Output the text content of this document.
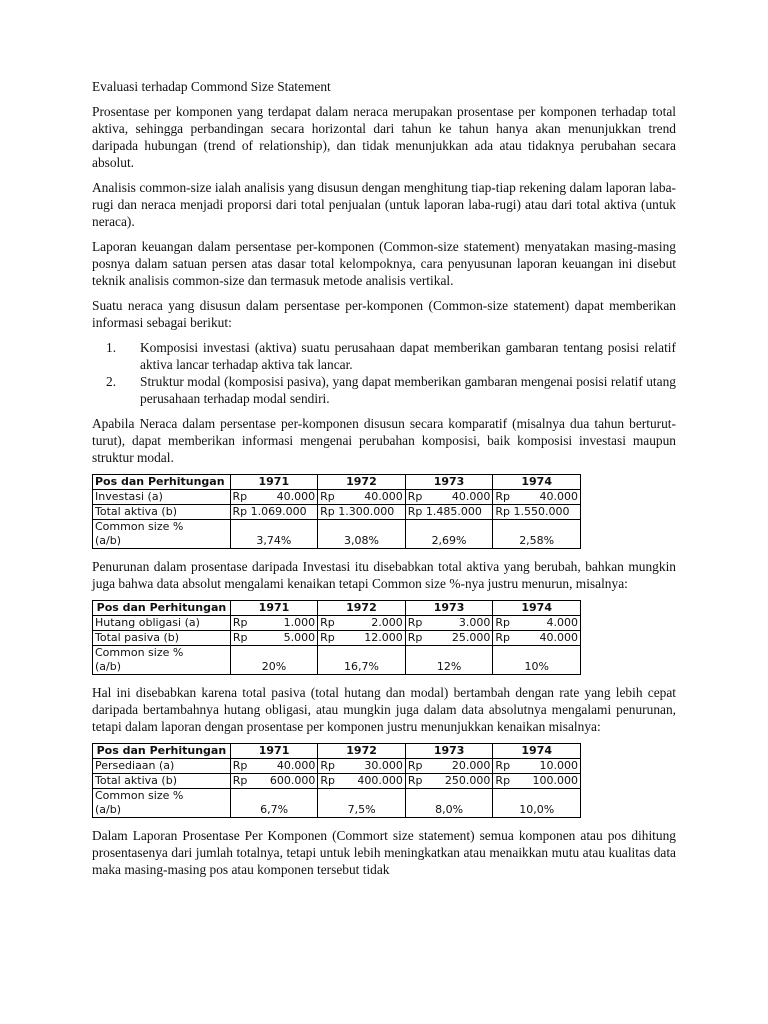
Evaluasi terhadap Commond Size Statement

Prosentase per komponen yang terdapat dalam neraca merupakan prosentase per komponen terhadap total aktiva, sehingga perbandingan secara horizontal dari tahun ke tahun hanya akan menunjukkan trend daripada hubungan (trend of relationship), dan tidak menunjukkan ada atau tidaknya perubahan secara absolut.

Analisis common-size ialah analisis yang disusun dengan menghitung tiap-tiap rekening dalam laporan laba-rugi dan neraca menjadi proporsi dari total penjualan (untuk laporan laba-rugi) atau dari total aktiva (untuk neraca).

Laporan keuangan dalam persentase per-komponen (Common-size statement) menyatakan masing-masing posnya dalam satuan persen atas dasar total kelompoknya, cara penyusunan laporan keuangan ini disebut teknik analisis common-size dan termasuk metode analisis vertikal.

Suatu neraca yang disusun dalam persentase per-komponen (Common-size statement) dapat memberikan informasi sebagai berikut:

1.	Komposisi investasi (aktiva) suatu perusahaan dapat memberikan gambaran tentang posisi relatif aktiva lancar terhadap aktiva tak lancar.
2.	Struktur modal (komposisi pasiva), yang dapat memberikan gambaran mengenai posisi relatif utang perusahaan terhadap modal sendiri.

Apabila Neraca dalam persentase per-komponen disusun secara komparatif (misalnya dua tahun berturut-turut), dapat memberikan informasi mengenai perubahan komposisi, baik komposisi investasi maupun struktur modal.

Pos dan Perhitungan	1971	1972	1973	1974
Investasi (a)	Rp 40.000	Rp 40.000	Rp 40.000	Rp 40.000

Total aktiva (b)	Rp 1.069.000	Rp 1.300.000	Rp 1.485.000	Rp 1.550.000
Common size %				
(a/b)	3,74%	3,08%	2,69%	2,58%

Penurunan dalam prosentase daripada Investasi itu disebabkan total aktiva yang berubah, bahkan mungkin juga bahwa data absolut mengalami kenaikan tetapi Common size %-nya justru menurun, misalnya:

Pos dan Perhitungan	1971	1972	1973	1974
Hutang obligasi (a)	Rp 1.000	Rp 2.000	Rp 3.000	Rp 4.000

Total pasiva (b)	Rp 5.000	Rp 12.000	Rp 25.000	Rp 40.000

Common size %				
(a/b)	20%	16,7%	12%	10%

Hal ini disebabkan karena total pasiva (total hutang dan modal) bertambah dengan rate yang lebih cepat daripada bertambahnya hutang obligasi, atau mungkin juga dalam data absolutnya mengalami penurunan, tetapi dalam laporan dengan prosentase per komponen justru menunjukkan kenaikan misalnya:

Pos dan Perhitungan	1971	1972	1973	1974
Persediaan (a)	Rp 40.000	Rp 30.000	Rp 20.000	Rp 10.000

Total aktiva (b)	Rp 600.000	Rp 400.000	Rp 250.000	Rp 100.000

Common size %				
(a/b)	6,7%	7,5%	8,0%	10,0%

Dalam Laporan Prosentase Per Komponen (Commort size statement) semua komponen atau pos dihitung prosentasenya dari jumlah totalnya, tetapi untuk lebih meningkatkan atau menaikkan mutu atau kualitas data maka masing-masing pos atau komponen tersebut tidak
